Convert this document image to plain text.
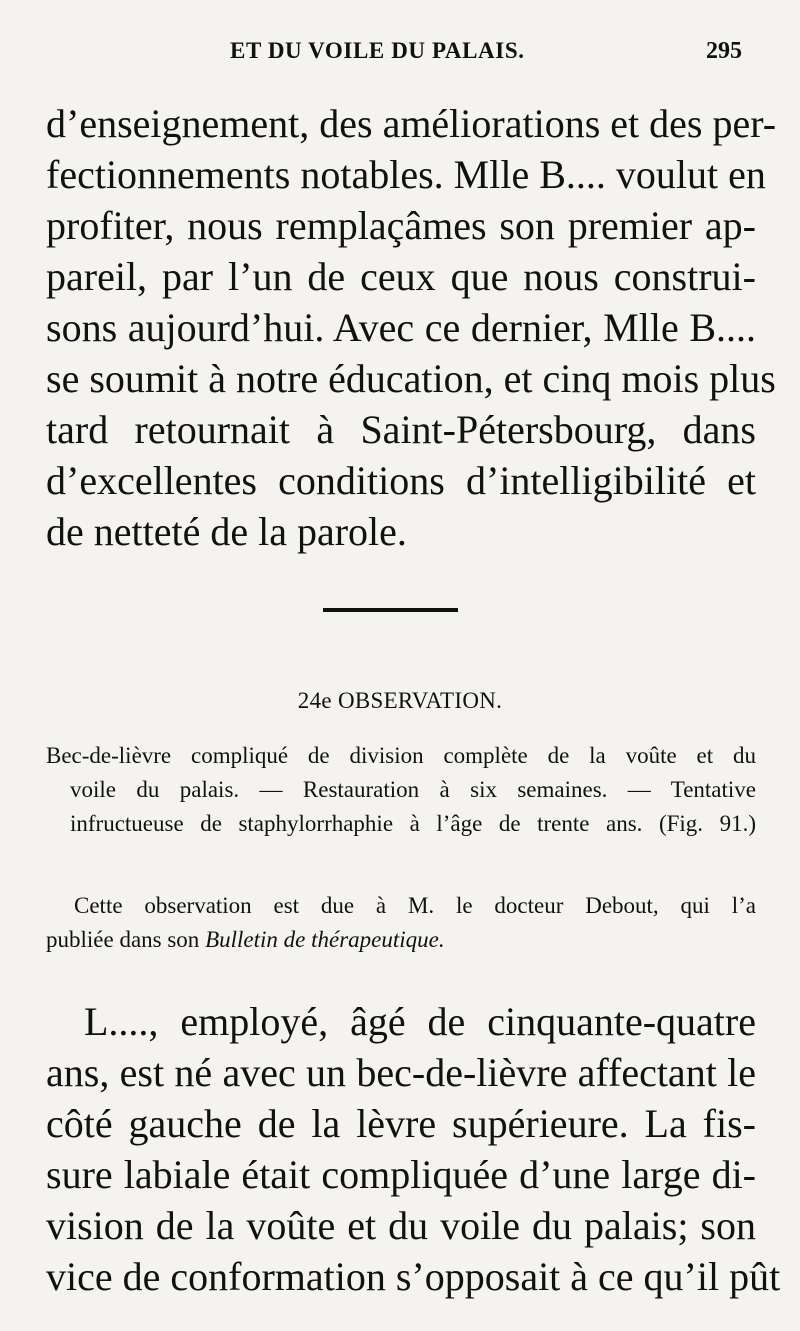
ET DU VOILE DU PALAIS.	295
d’enseignement, des améliorations et des per-
fectionnements notables. Mlle B.... voulut en
profiter, nous remplaçâmes son premier ap-
pareil, par l’un de ceux que nous construi-
sons aujourd’hui. Avec ce dernier, Mlle B....
se soumit à notre éducation, et cinq mois plus
tard retournait à Saint-Pétersbourg, dans
d’excellentes conditions d’intelligibilité et
de netteté de la parole.
24e OBSERVATION.
Bec-de-lièvre compliqué de division complète de la voûte et du
voile du palais. — Restauration à six semaines. — Tentative
infructueuse de staphylorrhaphie à l’âge de trente ans. (Fig. 91.)
Cette observation est due à M. le docteur Debout, qui l’a
publiée dans son Bulletin de thérapeutique.
L...., employé, âgé de cinquante-quatre
ans, est né avec un bec-de-lièvre affectant le
côté gauche de la lèvre supérieure. La fis-
sure labiale était compliquée d’une large di-
vision de la voûte et du voile du palais; son
vice de conformation s’opposait à ce qu’il pût
